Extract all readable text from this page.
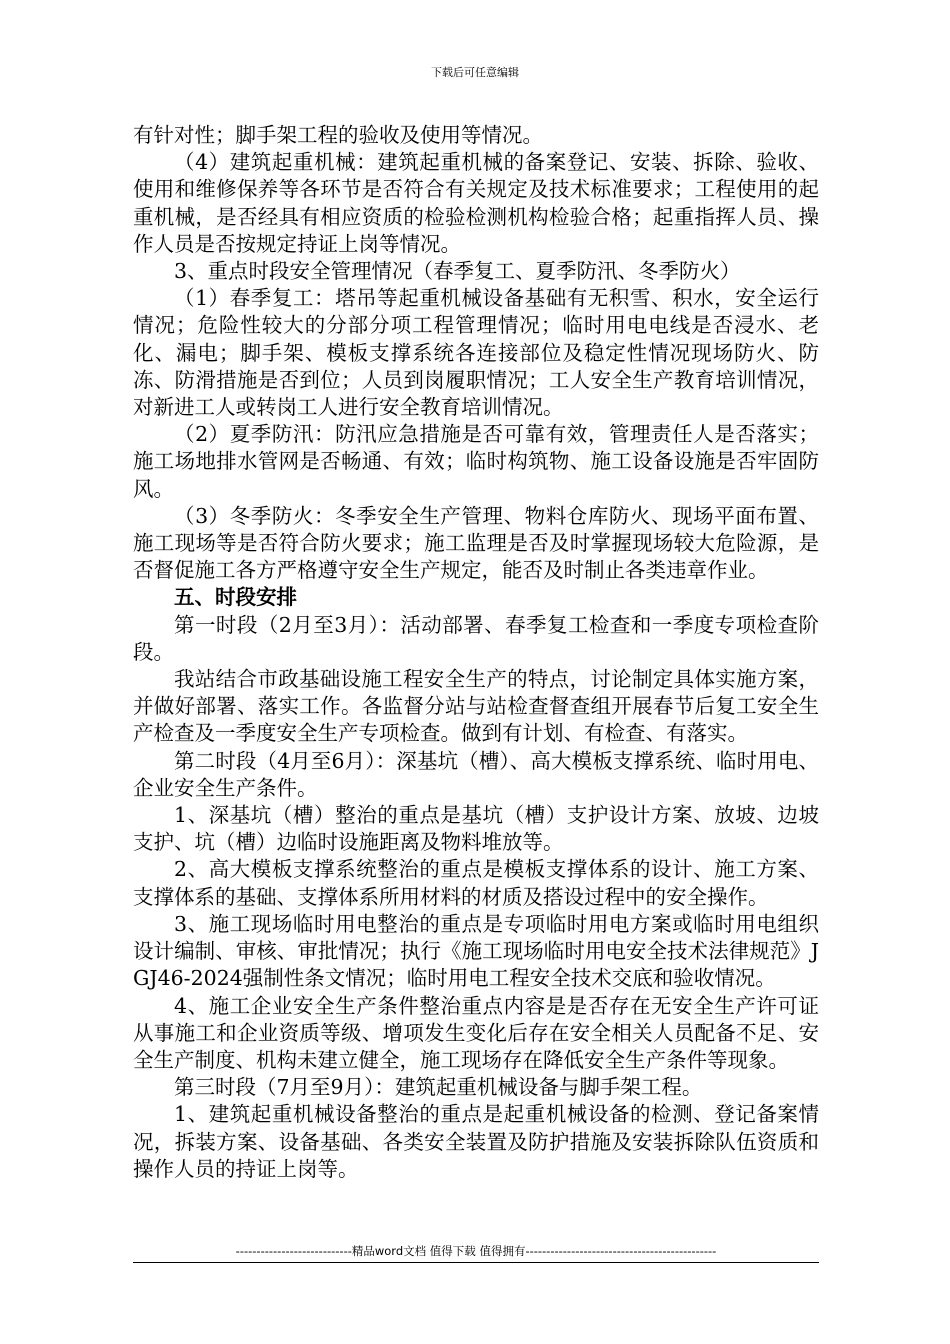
下载后可任意编辑

有针对性；脚手架工程的验收及使用等情况。

（4）建筑起重机械：建筑起重机械的备案登记、安装、拆除、验收、使用和维修保养等各环节是否符合有关规定及技术标准要求；工程使用的起重机械，是否经具有相应资质的检验检测机构检验合格；起重指挥人员、操作人员是否按规定持证上岗等情况。

3、重点时段安全管理情况（春季复工、夏季防汛、冬季防火）

（1）春季复工：塔吊等起重机械设备基础有无积雪、积水，安全运行情况；危险性较大的分部分项工程管理情况；临时用电电线是否浸水、老化、漏电；脚手架、模板支撑系统各连接部位及稳定性情况现场防火、防冻、防滑措施是否到位；人员到岗履职情况；工人安全生产教育培训情况，对新进工人或转岗工人进行安全教育培训情况。

（2）夏季防汛：防汛应急措施是否可靠有效，管理责任人是否落实；施工场地排水管网是否畅通、有效；临时构筑物、施工设备设施是否牢固防风。

（3）冬季防火：冬季安全生产管理、物料仓库防火、现场平面布置、施工现场等是否符合防火要求；施工监理是否及时掌握现场较大危险源，是否督促施工各方严格遵守安全生产规定，能否及时制止各类违章作业。

五、时段安排

第一时段（2月至3月）：活动部署、春季复工检查和一季度专项检查阶段。

我站结合市政基础设施工程安全生产的特点，讨论制定具体实施方案，并做好部署、落实工作。各监督分站与站检查督查组开展春节后复工安全生产检查及一季度安全生产专项检查。做到有计划、有检查、有落实。

第二时段（4月至6月）：深基坑（槽）、高大模板支撑系统、临时用电、企业安全生产条件。

1、深基坑（槽）整治的重点是基坑（槽）支护设计方案、放坡、边坡支护、坑（槽）边临时设施距离及物料堆放等。

2、高大模板支撑系统整治的重点是模板支撑体系的设计、施工方案、支撑体系的基础、支撑体系所用材料的材质及搭设过程中的安全操作。

3、施工现场临时用电整治的重点是专项临时用电方案或临时用电组织设计编制、审核、审批情况；执行《施工现场临时用电安全技术法律规范》JGJ46-2024强制性条文情况；临时用电工程安全技术交底和验收情况。

4、施工企业安全生产条件整治重点内容是是否存在无安全生产许可证从事施工和企业资质等级、增项发生变化后存在安全相关人员配备不足、安全生产制度、机构未建立健全，施工现场存在降低安全生产条件等现象。

第三时段（7月至9月）：建筑起重机械设备与脚手架工程。

1、建筑起重机械设备整治的重点是起重机械设备的检测、登记备案情况，拆装方案、设备基础、各类安全装置及防护措施及安装拆除队伍资质和操作人员的持证上岗等。

----------------------------精品word文档 值得下载 值得拥有----------------------------------------------
